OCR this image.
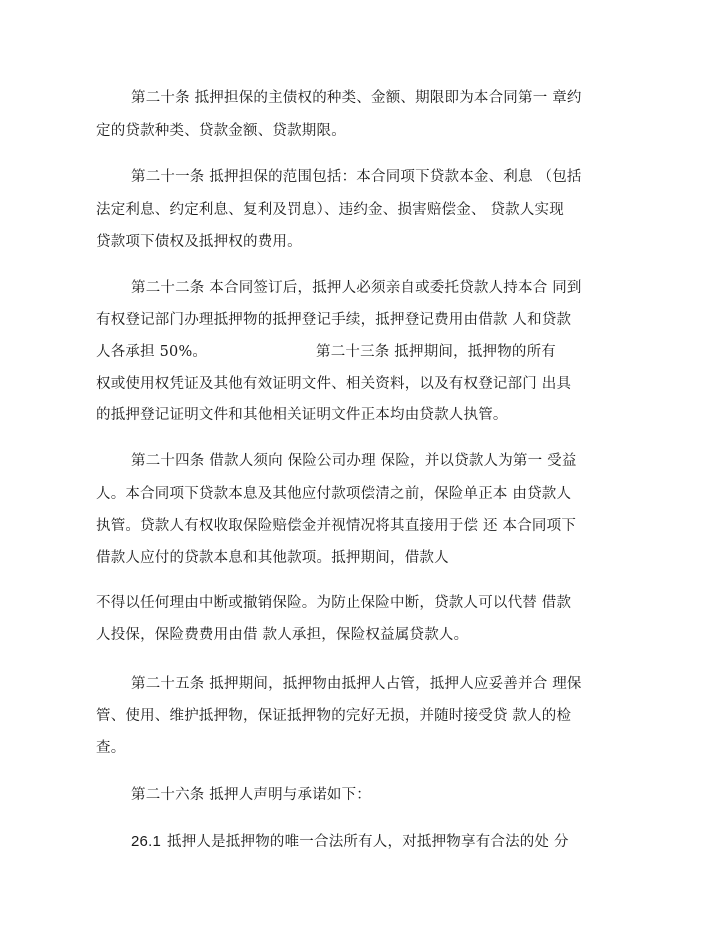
第二十条 抵押担保的主债权的种类、金额、期限即为本合同第一 章约
定的贷款种类、贷款金额、贷款期限。
第二十一条 抵押担保的范围包括：本合同项下贷款本金、利息 （包括
法定利息、约定利息、复利及罚息）、违约金、损害赔偿金、 贷款人实现
贷款项下债权及抵押权的费用。
第二十二条 本合同签订后，抵押人必须亲自或委托贷款人持本合 同到
有权登记部门办理抵押物的抵押登记手续，抵押登记费用由借款 人和贷款
人各承担 50%。	第二十三条 抵押期间，抵押物的所有
权或使用权凭证及其他有效证明文件、相关资料，以及有权登记部门 出具
的抵押登记证明文件和其他相关证明文件正本均由贷款人执管。
第二十四条 借款人须向 保险公司办理 保险，并以贷款人为第一 受益
人。本合同项下贷款本息及其他应付款项偿清之前，保险单正本 由贷款人
执管。贷款人有权收取保险赔偿金并视情况将其直接用于偿 还 本合同项下
借款人应付的贷款本息和其他款项。抵押期间，借款人
不得以任何理由中断或撤销保险。为防止保险中断，贷款人可以代替 借款
人投保，保险费费用由借 款人承担，保险权益属贷款人。
第二十五条 抵押期间，抵押物由抵押人占管，抵押人应妥善并合 理保
管、使用、维护抵押物，保证抵押物的完好无损，并随时接受贷 款人的检
查。
第二十六条 抵押人声明与承诺如下：
26.1 抵押人是抵押物的唯一合法所有人，对抵押物享有合法的处 分
